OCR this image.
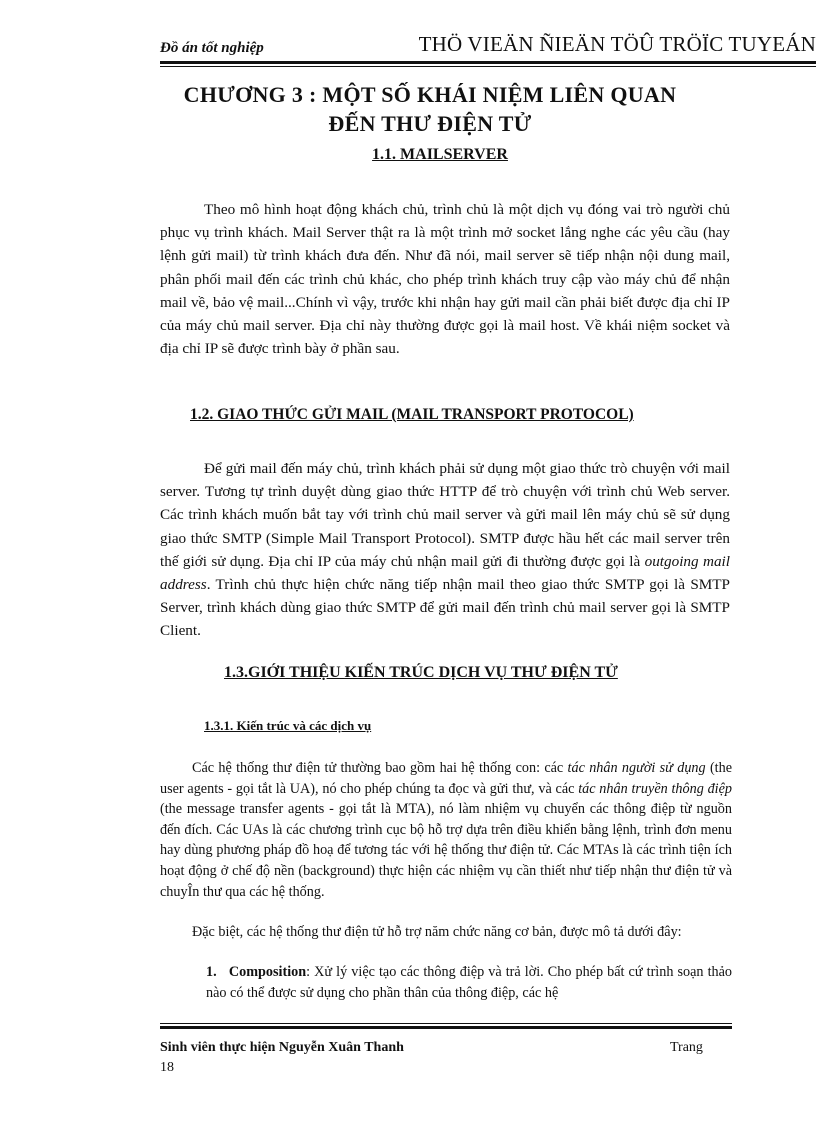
Đồ án tốt nghiệp	THÖ VIEÄN ÑIEÄN TÖÛ TRÖÏC TUYEÁN
CHƯƠNG 3 : MỘT SỐ KHÁI NIỆM LIÊN QUAN
ĐẾN THƯ ĐIỆN TỬ
1.1. MAILSERVER

Theo mô hình hoạt động khách chủ, trình chủ là một dịch vụ đóng vai trò người chủ phục vụ trình khách. Mail Server thật ra là một trình mở socket lắng nghe các yêu cầu (hay lệnh gửi mail) từ trình khách đưa đến. Như đã nói, mail server sẽ tiếp nhận nội dung mail, phân phối mail đến các trình chủ khác, cho phép trình khách truy cập vào máy chủ để nhận mail về, bảo vệ mail...Chính vì vậy, trước khi nhận hay gửi mail cần phải biết được địa chỉ IP của máy chủ mail server. Địa chỉ này thường được gọi là mail host. Về khái niệm socket và địa chỉ IP sẽ được trình bày ở phần sau.

1.2. GIAO THỨC GỬI MAIL (MAIL TRANSPORT PROTOCOL)

Để gửi mail đến máy chủ, trình khách phải sử dụng một giao thức trò chuyện với mail server. Tương tự trình duyệt dùng giao thức HTTP để trò chuyện với trình chủ Web server. Các trình khách muốn bắt tay với trình chủ mail server và gửi mail lên máy chủ sẽ sử dụng giao thức SMTP (Simple Mail Transport Protocol). SMTP được hầu hết các mail server trên thế giới sử dụng. Địa chỉ IP của máy chủ nhận mail gửi đi thường được gọi là outgoing mail address. Trình chủ thực hiện chức năng tiếp nhận mail theo giao thức SMTP gọi là SMTP Server, trình khách dùng giao thức SMTP để gửi mail đến trình chủ mail server gọi là SMTP Client.

1.3.GIỚI THIỆU KIẾN TRÚC DỊCH VỤ THƯ ĐIỆN TỬ
1.3.1. Kiến trúc và các dịch vụ

Các hệ thống thư điện tử thường bao gồm hai hệ thống con: các tác nhân người sử dụng (the user agents - gọi tắt là UA), nó cho phép chúng ta đọc và gửi thư, và các tác nhân truyền thông điệp (the message transfer agents - gọi tắt là MTA), nó làm nhiệm vụ chuyển các thông điệp từ nguồn đến đích. Các UAs là các chương trình cục bộ hỗ trợ dựa trên điều khiển bằng lệnh, trình đơn menu hay dùng phương pháp đồ hoạ để tương tác với hệ thống thư điện tử. Các MTAs là các trình tiện ích hoạt động ở chế độ nền (background) thực hiện các nhiệm vụ cần thiết như tiếp nhận thư điện tử và chuyÎn thư qua các hệ thống.

Đặc biệt, các hệ thống thư điện tử hỗ trợ năm chức năng cơ bản, được mô tả dưới đây:

1. Composition: Xử lý việc tạo các thông điệp và trả lời. Cho phép bất cứ trình soạn thảo nào có thể được sử dụng cho phần thân của thông điệp, các hệ

Sinh viên thực hiện Nguyễn Xuân Thanh	Trang
18
